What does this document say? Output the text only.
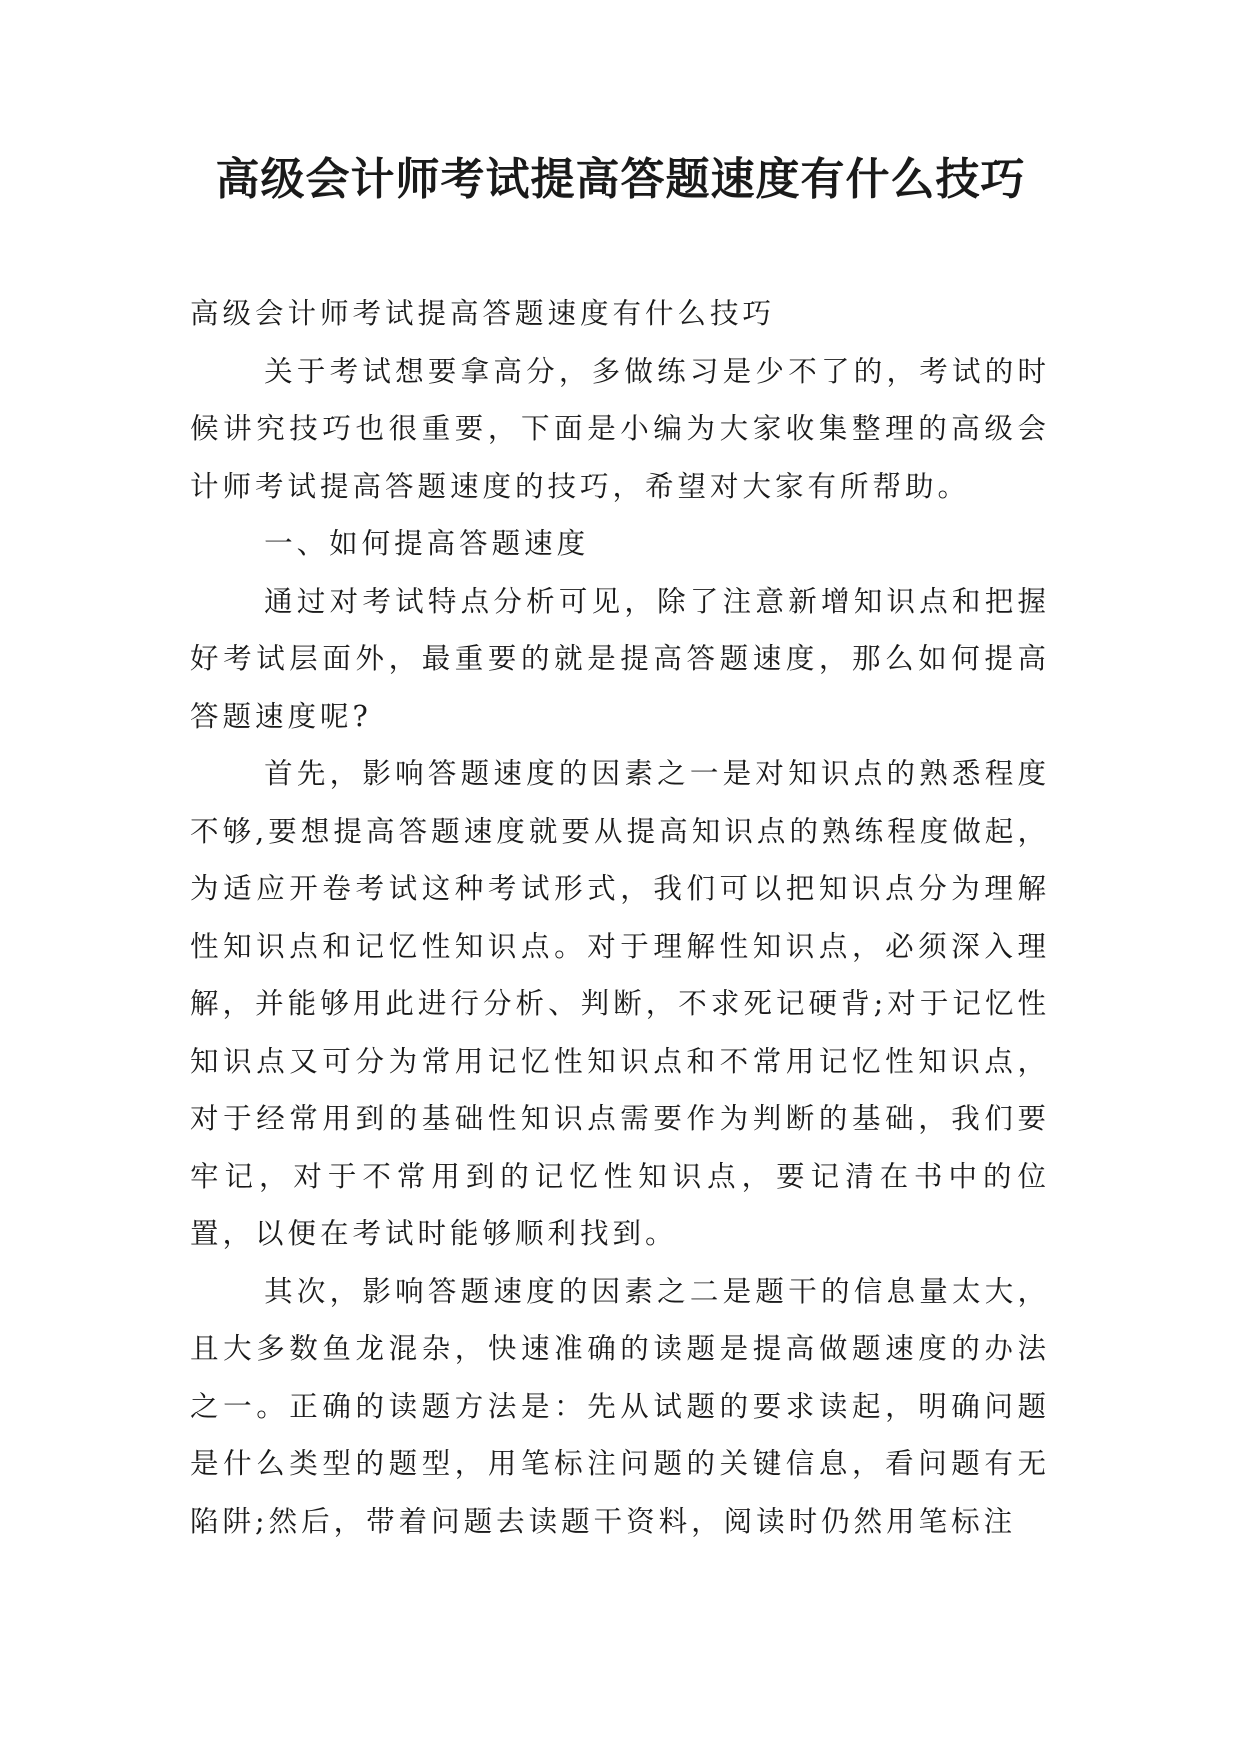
高级会计师考试提高答题速度有什么技巧

高级会计师考试提高答题速度有什么技巧

关于考试想要拿高分，多做练习是少不了的，考试的时候讲究技巧也很重要，下面是小编为大家收集整理的高级会计师考试提高答题速度的技巧，希望对大家有所帮助。

一、如何提高答题速度

通过对考试特点分析可见，除了注意新增知识点和把握好考试层面外，最重要的就是提高答题速度，那么如何提高答题速度呢?

首先，影响答题速度的因素之一是对知识点的熟悉程度不够,要想提高答题速度就要从提高知识点的熟练程度做起，为适应开卷考试这种考试形式，我们可以把知识点分为理解性知识点和记忆性知识点。对于理解性知识点，必须深入理解，并能够用此进行分析、判断，不求死记硬背;对于记忆性知识点又可分为常用记忆性知识点和不常用记忆性知识点，对于经常用到的基础性知识点需要作为判断的基础，我们要牢记，对于不常用到的记忆性知识点，要记清在书中的位置，以便在考试时能够顺利找到。

其次，影响答题速度的因素之二是题干的信息量太大，且大多数鱼龙混杂，快速准确的读题是提高做题速度的办法之一。正确的读题方法是：先从试题的要求读起，明确问题是什么类型的题型，用笔标注问题的关键信息，看问题有无陷阱;然后，带着问题去读题干资料，阅读时仍然用笔标注
